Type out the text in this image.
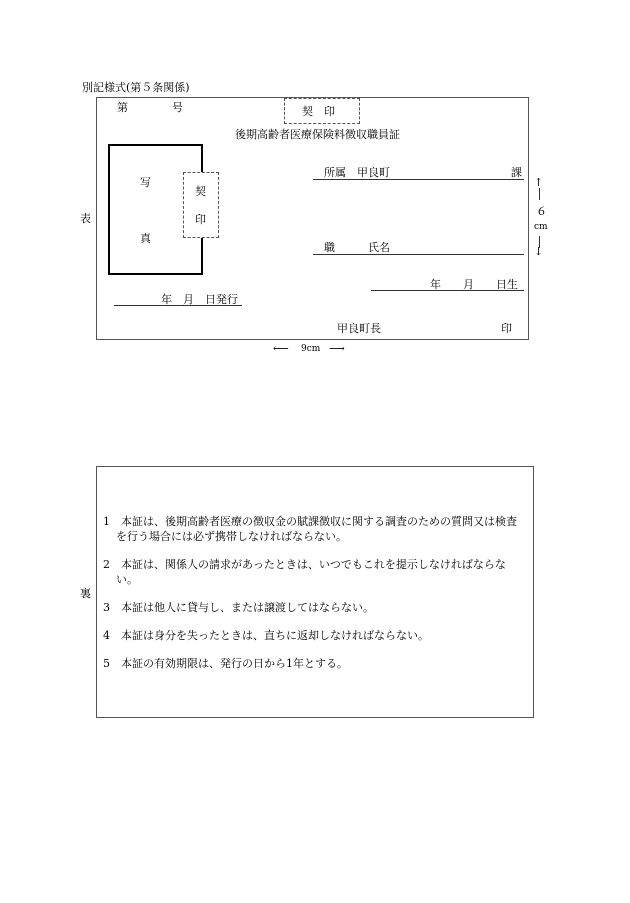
別記様式(第５条関係)
表
第　　　　号	契　印
後期高齢者医療保険料徴収職員証
写
真
契
印
所属　甲良町	課
職　　　氏名
年　　月　　日生
年　月　日発行
甲良町長	印
↑
６
cm
↓
⟵ 9cm ⟶
裏

1　本証は、後期高齢者医療の徴収金の賦課徴収に関する調査のための質問又は検査を行う場合には必ず携帯しなければならない。

2　本証は、関係人の請求があったときは、いつでもこれを提示しなければならない。

3　本証は他人に貸与し、または譲渡してはならない。

4　本証は身分を失ったときは、直ちに返却しなければならない。

5　本証の有効期限は、発行の日から1年とする。
